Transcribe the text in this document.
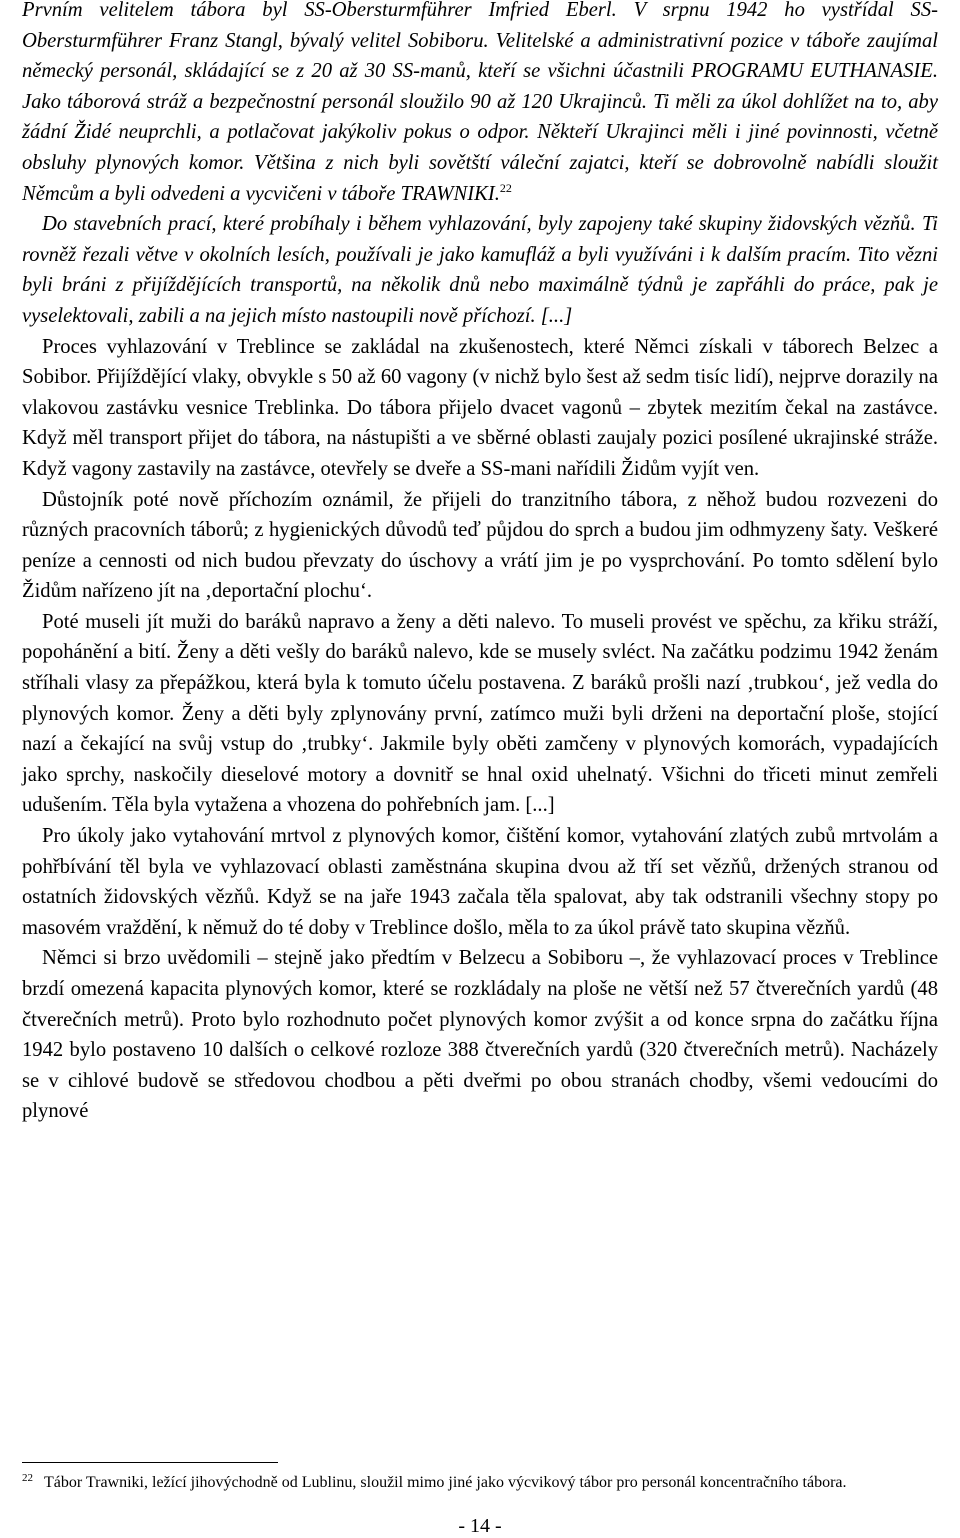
Prvním velitelem tábora byl SS-Obersturmführer Imfried Eberl. V srpnu 1942 ho vystřídal SS-Obersturmführer Franz Stangl, bývalý velitel Sobiboru. Velitelské a administrativní pozice v táboře zaujímal německý personál, skládající se z 20 až 30 SS-manů, kteří se všichni účastnili PROGRAMU EUTHANASIE. Jako táborová stráž a bezpečnostní personál sloužilo 90 až 120 Ukrajinců. Ti měli za úkol dohlížet na to, aby žádní Židé neuprchli, a potlačovat jakýkoliv pokus o odpor. Někteří Ukrajinci měli i jiné povinnosti, včetně obsluhy plynových komor. Většina z nich byli sovětští váleční zajatci, kteří se dobrovolně nabídli sloužit Němcům a byli odvedeni a vycvičeni v táboře TRAWNIKI.$^{22}$

Do stavebních prací, které probíhaly i během vyhlazování, byly zapojeny také skupiny židovských vězňů. Ti rovněž řezali větve v okolních lesích, používali je jako kamufláž a byli využíváni i k dalším pracím. Tito vězni byli bráni z přijíždějících transportů, na několik dnů nebo maximálně týdnů je zapřáhli do práce, pak je vyselektovali, zabili a na jejich místo nastoupili nově příchozí. [...]

Proces vyhlazování v Treblince se zakládal na zkušenostech, které Němci získali v táborech Belzec a Sobibor. Přijíždějící vlaky, obvykle s 50 až 60 vagony (v nichž bylo šest až sedm tisíc lidí), nejprve dorazily na vlakovou zastávku vesnice Treblinka. Do tábora přijelo dvacet vagonů – zbytek mezitím čekal na zastávce. Když měl transport přijet do tábora, na nástupišti a ve sběrné oblasti zaujaly pozici posílené ukrajinské stráže. Když vagony zastavily na zastávce, otevřely se dveře a SS-mani nařídili Židům vyjít ven.

Důstojník poté nově příchozím oznámil, že přijeli do tranzitního tábora, z něhož budou rozvezeni do různých pracovních táborů; z hygienických důvodů teď půjdou do sprch a budou jim odhmyzeny šaty. Veškeré peníze a cennosti od nich budou převzaty do úschovy a vrátí jim je po vysprchování. Po tomto sdělení bylo Židům nařízeno jít na ‚deportační plochu‘.

Poté museli jít muži do baráků napravo a ženy a děti nalevo. To museli provést ve spěchu, za křiku stráží, popohánění a bití. Ženy a děti vešly do baráků nalevo, kde se musely svléct. Na začátku podzimu 1942 ženám stříhali vlasy za přepážkou, která byla k tomuto účelu postavena. Z baráků prošli nazí ‚trubkou‘, jež vedla do plynových komor. Ženy a děti byly zplynovány první, zatímco muži byli drženi na deportační ploše, stojící nazí a čekající na svůj vstup do ‚trubky‘. Jakmile byly oběti zamčeny v plynových komorách, vypadajících jako sprchy, naskočily dieselové motory a dovnitř se hnal oxid uhelnatý. Všichni do třiceti minut zemřeli udušením. Těla byla vytažena a vhozena do pohřebních jam. [...]

Pro úkoly jako vytahování mrtvol z plynových komor, čištění komor, vytahování zlatých zubů mrtvolám a pohřbívání těl byla ve vyhlazovací oblasti zaměstnána skupina dvou až tří set vězňů, držených stranou od ostatních židovských vězňů. Když se na jaře 1943 začala těla spalovat, aby tak odstranili všechny stopy po masovém vraždění, k němuž do té doby v Treblince došlo, měla to za úkol právě tato skupina vězňů.

Němci si brzo uvědomili – stejně jako předtím v Belzecu a Sobiboru –, že vyhlazovací proces v Treblince brzdí omezená kapacita plynových komor, které se rozkládaly na ploše ne větší než 57 čtverečních yardů (48 čtverečních metrů). Proto bylo rozhodnuto počet plynových komor zvýšit a od konce srpna do začátku října 1942 bylo postaveno 10 dalších o celkové rozloze 388 čtverečních yardů (320 čtverečních metrů). Nacházely se v cihlové budově se středovou chodbou a pěti dveřmi po obou stranách chodby, všemi vedoucími do plynové

$^{22}$ Tábor Trawniki, ležící jihovýchodně od Lublinu, sloužil mimo jiné jako výcvikový tábor pro personál koncentračního tábora.

- 14 -
